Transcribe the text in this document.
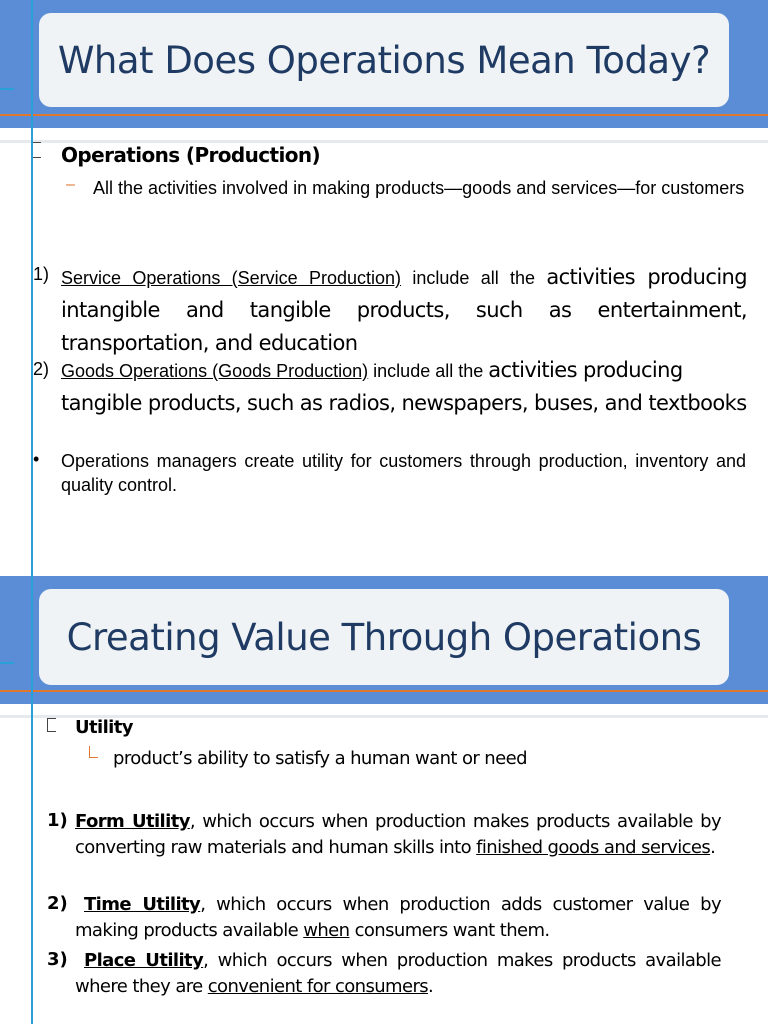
What Does Operations Mean Today?
Operations (Production)
– All the activities involved in making products—goods and services—for customers
1) Service Operations (Service Production) include all the activities producing intangible and tangible products, such as entertainment, transportation, and education
2) Goods Operations (Goods Production) include all the activities producing tangible products, such as radios, newspapers, buses, and textbooks
• Operations managers create utility for customers through production, inventory and quality control.
Creating Value Through Operations
Utility
product’s ability to satisfy a human want or need
1) Form Utility, which occurs when production makes products available by converting raw materials and human skills into finished goods and services.
2) Time Utility, which occurs when production adds customer value by making products available when consumers want them.
3) Place Utility, which occurs when production makes products available where they are convenient for consumers.
